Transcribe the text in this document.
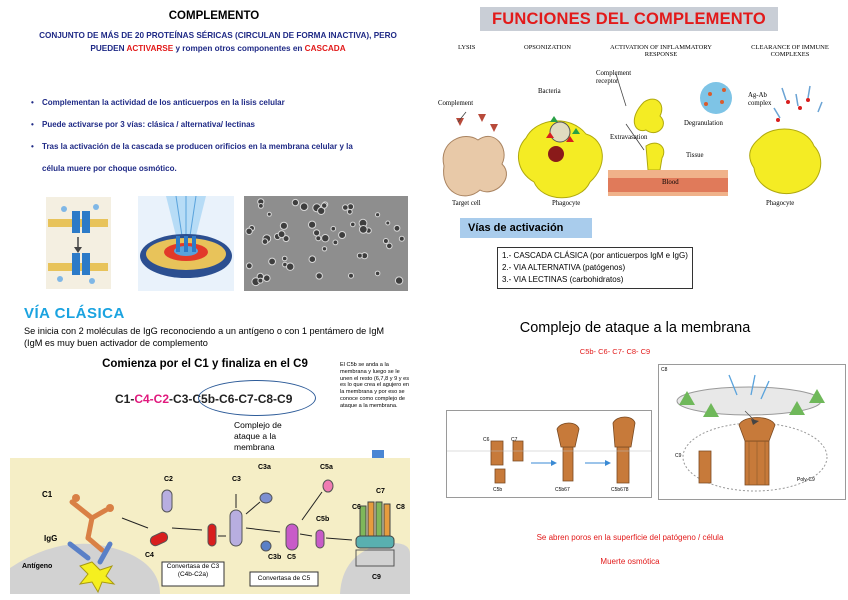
COMPLEMENTO
CONJUNTO DE MÁS DE 20 PROTEÍNAS SÉRICAS (CIRCULAN DE FORMA INACTIVA), PERO PUEDEN ACTIVARSE y rompen otros componentes en CASCADA
• Complementan la actividad de los anticuerpos en la lisis celular
• Puede activarse por 3 vías: clásica / alternativa/ lectinas
• Tras la activación de la cascada se producen orificios en la membrana celular y la célula muere por choque osmótico.
VÍA CLÁSICA
Se inicia con 2 moléculas de IgG reconociendo a un antígeno o con 1 pentámero de IgM (IgM es muy buen activador de complemento
Comienza por el C1 y finaliza en el C9
C1-C4-C2-C3-C5b-C6-C7-C8-C9
Complejo de ataque a la membrana
El C5b se anda a la membrana y luego se le unen el resto (6,7,8 y 9 y es es lo que crea el agujero en la membrana y por eso se conoce como complejo de ataque a la membrana.
C1
IgG
Antígeno
C2
C4
C3
C3a	C5a
C3b C5
C5b
C7
C6	C8
C9
Convertasa de C3
(C4b-C2a)
Convertasa de C5
FUNCIONES DEL COMPLEMENTO
LYSIS	OPSONIZATION	ACTIVATION OF INFLAMMATORY RESPONSE
CLEARANCE OF IMMUNE COMPLEXES
Complement
Bacteria
Complement receptor
Degranulation
Extravasation
Tissue
Blood
Ag-Ab complex
Target cell	Phagocyte	Phagocyte
Vías de activación
1.- CASCADA CLÁSICA (por anticuerpos IgM e IgG)
2.- VIA ALTERNATIVA (patógenos)
3.- VIA LECTINAS (carbohidratos)
Complejo de ataque a la membrana
C5b- C6- C7- C8- C9
C6	C7
C5b	C5b67	C5b678
C8
C9
Poly-C9
Se abren poros en la superficie del patógeno / célula
Muerte osmótica
